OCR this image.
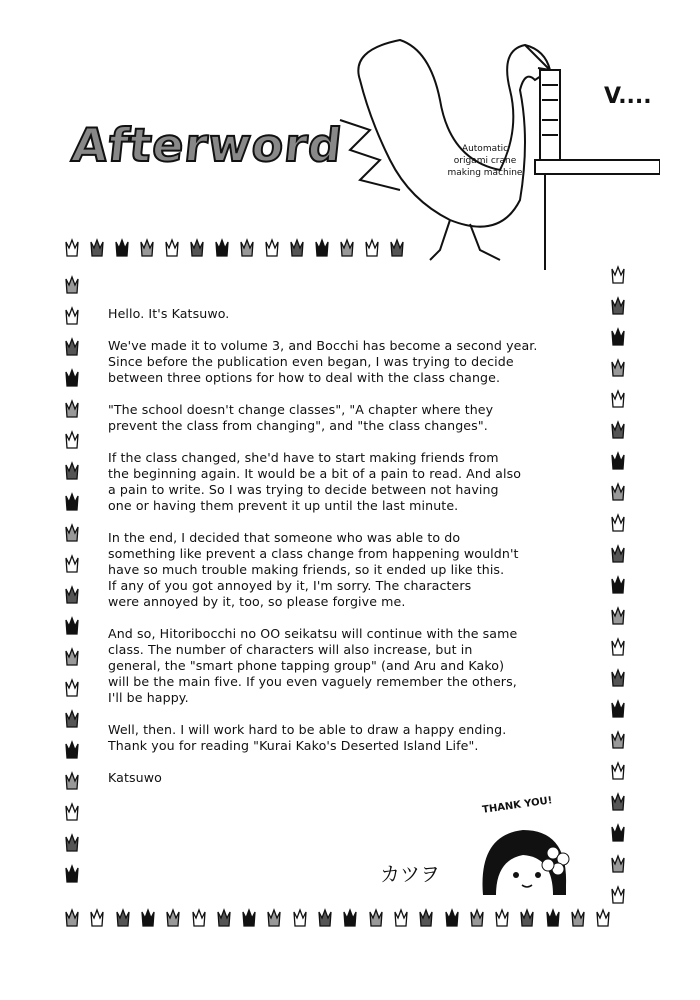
Afterword	Automatic
origami crane
making machine
V....
Hello. It's Katsuwo.
We've made it to volume 3, and Bocchi has become a second year.
Since before the publication even began, I was trying to decide
between three options for how to deal with the class change.
"The school doesn't change classes", "A chapter where they
prevent the class from changing", and "the class changes".
If the class changed, she'd have to start making friends from
the beginning again. It would be a bit of a pain to read. And also
a pain to write. So I was trying to decide between not having
one or having them prevent it up until the last minute.
In the end, I decided that someone who was able to do
something like prevent a class change from happening wouldn't
have so much trouble making friends, so it ended up like this.
If any of you got annoyed by it, I'm sorry. The characters
were annoyed by it, too, so please forgive me.
And so, Hitoribocchi no OO seikatsu will continue with the same
class. The number of characters will also increase, but in
general, the "smart phone tapping group" (and Aru and Kako)
will be the main five. If you even vaguely remember the others,
I'll be happy.
Well, then. I will work hard to be able to draw a happy ending.
Thank you for reading "Kurai Kako's Deserted Island Life".
Katsuwo
THANK YOU!
カツヲ
